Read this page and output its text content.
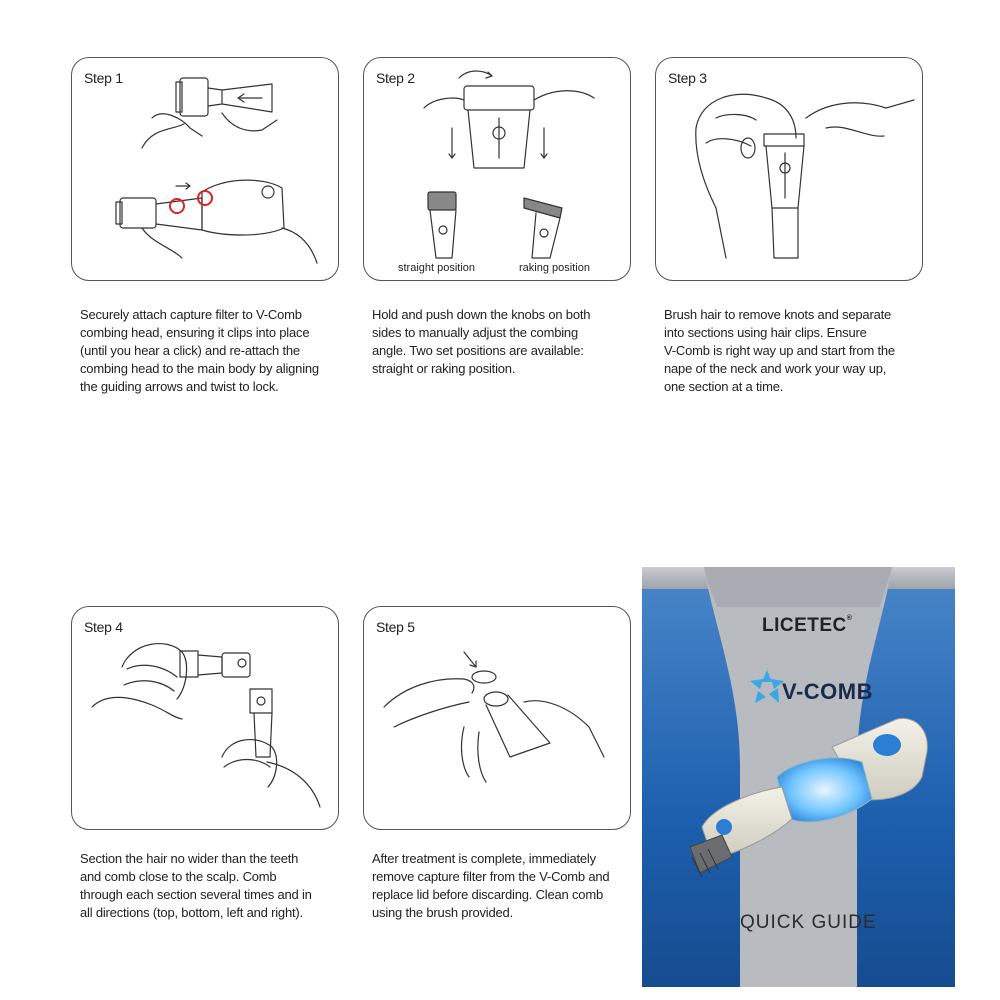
Step 1
Securely attach capture filter to V-Comb
combing head, ensuring it clips into place
(until you hear a click) and re-attach the
combing head to the main body by aligning
the guiding arrows and twist to lock.
Step 2
straight position	raking position
Hold and push down the knobs on both
sides to manually adjust the combing
angle. Two set positions are available:
straight or raking position.
Step 3
Brush hair to remove knots and separate
into sections using hair clips. Ensure
V-Comb is right way up and start from the
nape of the neck and work your way up,
one section at a time.
Step 4
Section the hair no wider than the teeth
and comb close to the scalp. Comb
through each section several times and in
all directions (top, bottom, left and right).
Step 5
After treatment is complete, immediately
remove capture filter from the V-Comb and
replace lid before discarding. Clean comb
using the brush provided.
LICETEC®
V-COMB
QUICK GUIDE
